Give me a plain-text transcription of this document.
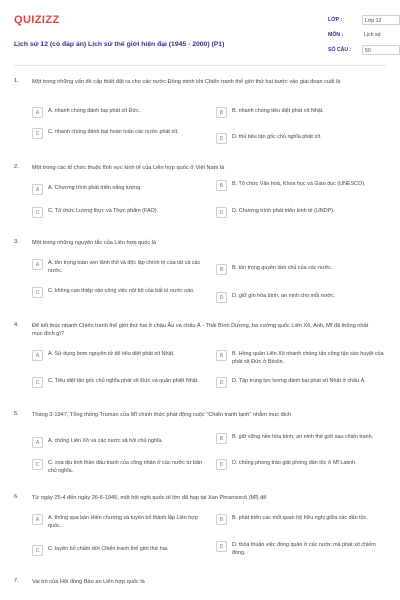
QUIZIZZ
Lịch sử 12 (có đáp án) Lịch sử thế giới hiện đại (1945 - 2000) (P1)
LỚP :	Lớp 12
MÔN :	Lịch sử
SỐ CÂU :	50
1. Một trong những vấn đề cấp thiết đặt ra cho các nước Đồng minh khi Chiến tranh thế giới thứ hai bước vào giai đoạn cuối là
A	A. nhanh chóng đánh bại phát xít Đức.	B	B. nhanh chóng tiêu diệt phát xít Nhật.
C	C. nhanh chóng đánh bại hoàn toàn các nước phát xít.
D	D. thủ tiêu tận gốc chủ nghĩa phát xít.
2. Một trong các tổ chức thuộc lĩnh vực kinh tế của Liên hợp quốc ở Việt Nam là
A	A. Chương trình phát triển năng lượng.	B	B. Tổ chức Văn hoá, Khoa học và Giáo dục (UNESCO).
C	C. Tổ chức Lương thực và Thực phẩm (FAO).	D	D. Chương trình phát triển kinh tế (UNDP).
3. Một trong những nguyên tắc của Liên hợp quốc là
A	A. tôn trọng toàn vẹn lãnh thổ và độc lập chính trị của tất cả các nước.	B	B. tôn trọng quyền làm chủ của các nước.
C	C. không can thiệp vào công việc nội bộ của bất kì nước nào.
D	D. giữ gìn hòa bình, an ninh cho mỗi nước.
4. Để kết thúc nhanh Chiến tranh thế giới thứ hai ở châu Âu và châu Á - Thái Bình Dương, ba cường quốc Liên Xô, Anh, Mĩ đã thống nhất mục đích gì?
A	A. Sử dụng bom nguyên tử để tiêu diệt phát xít Nhật.	B	B. Hồng quân Liên Xô nhanh chóng tấn công tận sào huyệt của phát xít Đức ở Béclin.
C	C. Tiêu diệt tận gốc chủ nghĩa phát xít Đức và quân phiệt Nhật.	D	D. Tập trung lực lượng đánh bại phát xít Nhật ở châu Á.
5. Tháng 3-1947, Tổng thống Truman của Mĩ chính thức phát động cuộc "Chiến tranh lạnh" nhằm mục đích
A	A. chống Liên Xô và các nước xã hội chủ nghĩa.	B	B. giữ vững nền hòa bình, an ninh thế giới sau chiến tranh.
C	C. xoa dịu tinh thần đấu tranh của công nhân ở các nước tư bản chủ nghĩa.
D	D. chống phong trào giải phóng dân tộc ở Mĩ Latinh.
6. Từ ngày 25-4 đến ngày 26-6-1945, một hội nghị quốc tế lớn đã họp tại Xan Phranxixcô (Mĩ) để
A	A. thông qua bản Hiến chương và tuyên bố thành lập Liên hợp quốc.
B	B. phát triển các mối quan hệ hữu nghị giữa các dân tộc.
C	C. tuyên bố chấm dứt Chiến tranh thế giới thứ hai.	D	D. thỏa thuận việc đóng quân ở các nước mà phát xít chiếm đóng.
7. Vai trò của Hội đồng Bảo an Liên hợp quốc là
